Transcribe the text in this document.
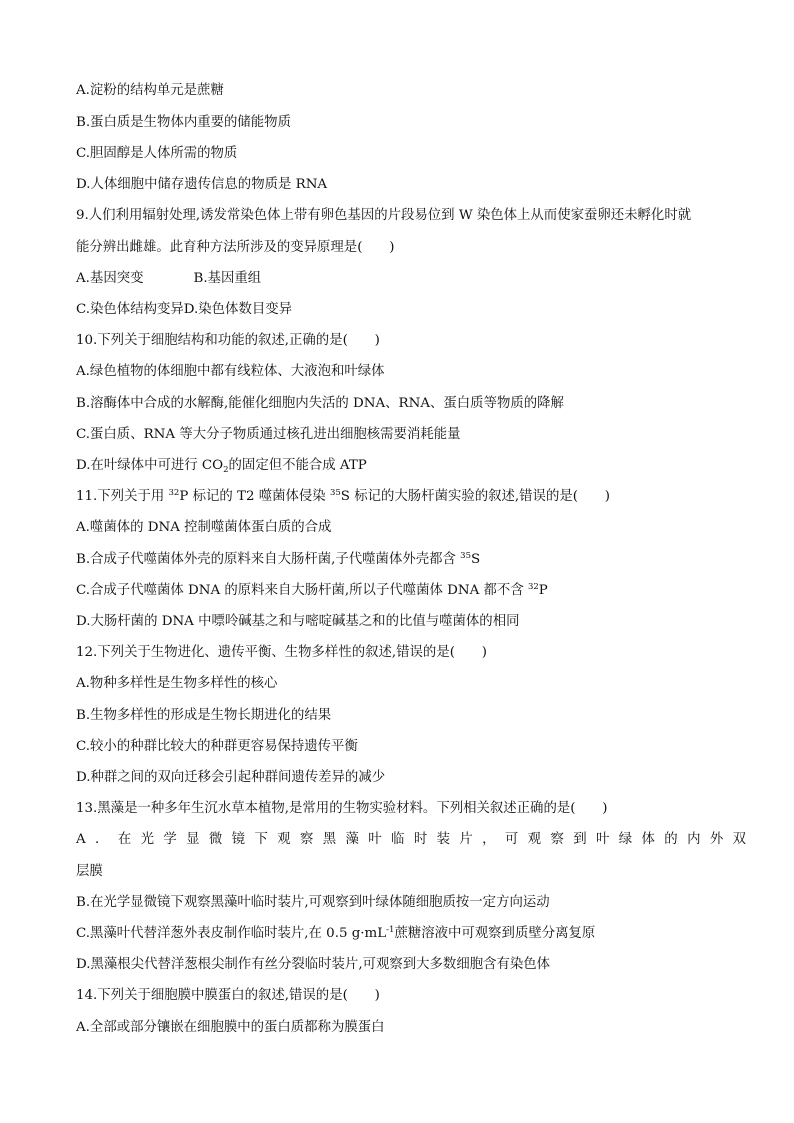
A.淀粉的结构单元是蔗糖
B.蛋白质是生物体内重要的储能物质
C.胆固醇是人体所需的物质
D.人体细胞中储存遗传信息的物质是 RNA
9.人们利用辐射处理,诱发常染色体上带有卵色基因的片段易位到 W 染色体上从而使家蚕卵还未孵化时就
能分辨出雌雄。此育种方法所涉及的变异原理是(　　)
A.基因突变	B.基因重组
C.染色体结构变异D.染色体数目变异
10.下列关于细胞结构和功能的叙述,正确的是(　　)
A.绿色植物的体细胞中都有线粒体、大液泡和叶绿体
B.溶酶体中合成的水解酶,能催化细胞内失活的 DNA、RNA、蛋白质等物质的降解
C.蛋白质、RNA 等大分子物质通过核孔进出细胞核需要消耗能量
D.在叶绿体中可进行 $CO_2$的固定但不能合成 ATP
11.下列关于用 $^{32}$P 标记的 T2 噬菌体侵染 $^{35}$S 标记的大肠杆菌实验的叙述,错误的是(　　)
A.噬菌体的 DNA 控制噬菌体蛋白质的合成
B.合成子代噬菌体外壳的原料来自大肠杆菌,子代噬菌体外壳都含 $^{35}$S
C.合成子代噬菌体 DNA 的原料来自大肠杆菌,所以子代噬菌体 DNA 都不含 $^{32}$P
D.大肠杆菌的 DNA 中嘌呤碱基之和与嘧啶碱基之和的比值与噬菌体的相同
12.下列关于生物进化、遗传平衡、生物多样性的叙述,错误的是(　　)
A.物种多样性是生物多样性的核心
B.生物多样性的形成是生物长期进化的结果
C.较小的种群比较大的种群更容易保持遗传平衡
D.种群之间的双向迁移会引起种群间遗传差异的减少
13.黑藻是一种多年生沉水草本植物,是常用的生物实验材料。下列相关叙述正确的是(　　)
A．在光学显微镜下观察黑藻叶临时装片，可观察到叶绿体的内外双
层膜
B.在光学显微镜下观察黑藻叶临时装片,可观察到叶绿体随细胞质按一定方向运动
C.黑藻叶代替洋葱外表皮制作临时装片,在 0.5 $g\cdot mL^{-1}$蔗糖溶液中可观察到质壁分离复原
D.黑藻根尖代替洋葱根尖制作有丝分裂临时装片,可观察到大多数细胞含有染色体
14.下列关于细胞膜中膜蛋白的叙述,错误的是(　　)
A.全部或部分镶嵌在细胞膜中的蛋白质都称为膜蛋白
